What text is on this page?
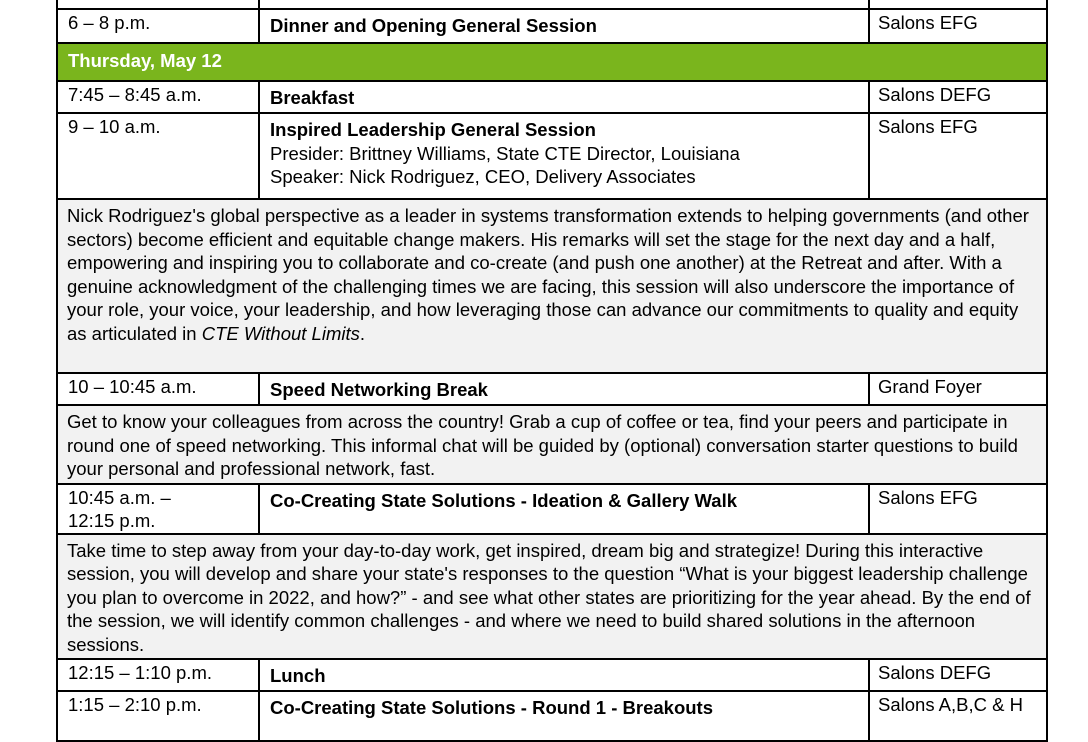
6 – 8 p.m.	Dinner and Opening General Session	Salons EFG
Thursday, May 12		
7:45 – 8:45 a.m.	Breakfast	Salons DEFG
9 – 10 a.m.	Inspired Leadership General Session
Presider: Brittney Williams, State CTE Director, Louisiana
Speaker: Nick Rodriguez, CEO, Delivery Associates	Salons EFG
Nick Rodriguez's global perspective as a leader in systems transformation extends to helping governments (and other sectors) become efficient and equitable change makers. His remarks will set the stage for the next day and a half, empowering and inspiring you to collaborate and co-create (and push one another) at the Retreat and after. With a genuine acknowledgment of the challenging times we are facing, this session will also underscore the importance of your role, your voice, your leadership, and how leveraging those can advance our commitments to quality and equity as articulated in CTE Without Limits.		
10 – 10:45 a.m.	Speed Networking Break	Grand Foyer
Get to know your colleagues from across the country! Grab a cup of coffee or tea, find your peers and participate in round one of speed networking. This informal chat will be guided by (optional) conversation starter questions to build your personal and professional network, fast.		

10:45 a.m. –
12:15 p.m.	Co-Creating State Solutions - Ideation & Gallery Walk	Salons EFG
Take time to step away from your day-to-day work, get inspired, dream big and strategize! During this interactive session, you will develop and share your state's responses to the question “What is your biggest leadership challenge you plan to overcome in 2022, and how?” - and see what other states are prioritizing for the year ahead. By the end of the session, we will identify common challenges - and where we need to build shared solutions in the afternoon sessions.		
12:15 – 1:10 p.m.	Lunch	Salons DEFG
1:15 – 2:10 p.m.	Co-Creating State Solutions - Round 1 - Breakouts	Salons A,B,C & H
